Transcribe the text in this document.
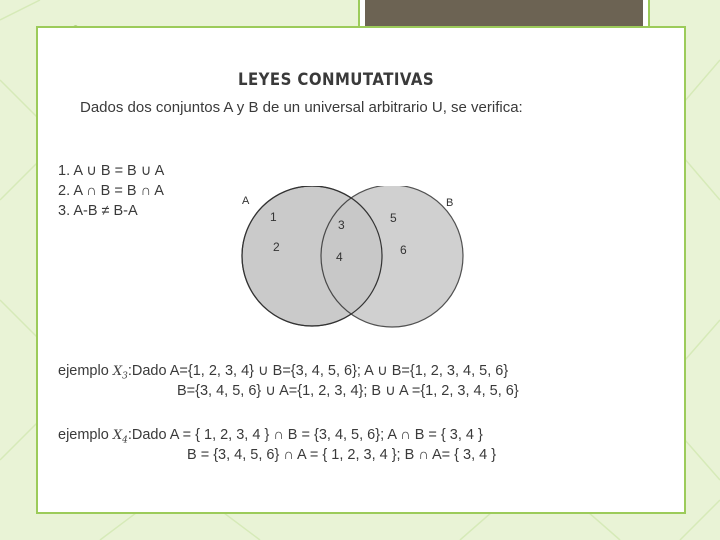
LEYES CONMUTATIVAS
Dados dos conjuntos A y B de un universal arbitrario U, se verifica:
1. A ∪ B = B ∪ A
2. A ∩ B = B ∩ A
3. A-B ≠ B-A
A	B
1
2
3
4
5
6
ejemplo $X_3:Dado$ A={1, 2, 3, 4} ∪ B={3, 4, 5, 6}; A ∪ B={1, 2, 3, 4, 5, 6}
B={3, 4, 5, 6} ∪ A={1, 2, 3, 4}; B ∪ A ={1, 2, 3, 4, 5, 6}
ejemplo $X_4:Dado$ A = { 1, 2, 3, 4 } ∩ B = {3, 4, 5, 6}; A ∩ B = { 3, 4 }
B = {3, 4, 5, 6} ∩ A = { 1, 2, 3, 4 }; B ∩ A= { 3, 4 }
